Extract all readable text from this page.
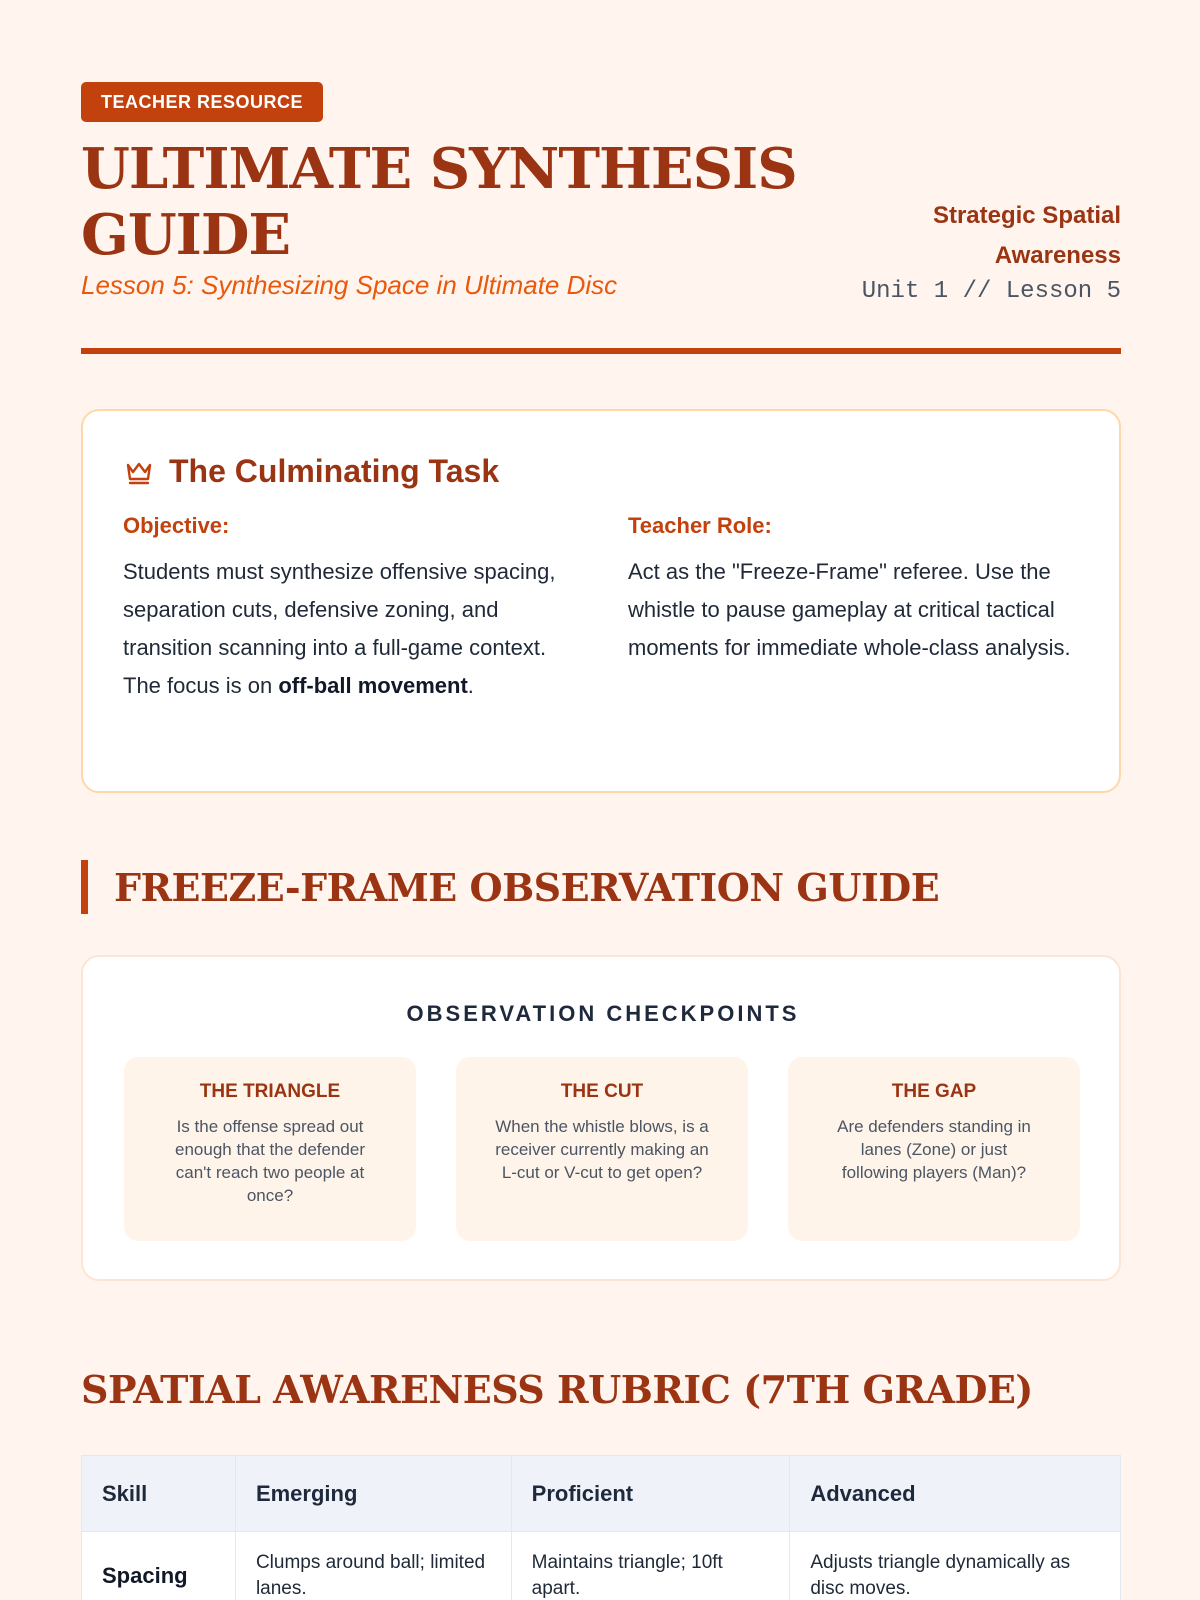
TEACHER RESOURCE
ULTIMATE SYNTHESIS GUIDE
Lesson 5: Synthesizing Space in Ultimate Disc
Strategic Spatial Awareness
Unit 1 // Lesson 5
The Culminating Task
Objective:

Students must synthesize offensive spacing, separation cuts, defensive zoning, and transition scanning into a full-game context. The focus is on off-ball movement.

Teacher Role:

Act as the "Freeze-Frame" referee. Use the whistle to pause gameplay at critical tactical moments for immediate whole-class analysis.

FREEZE-FRAME OBSERVATION GUIDE
OBSERVATION CHECKPOINTS
THE TRIANGLE

Is the offense spread out enough that the defender can't reach two people at once?

THE CUT

When the whistle blows, is a receiver currently making an L-cut or V-cut to get open?

THE GAP

Are defenders standing in lanes (Zone) or just following players (Man)?

SPATIAL AWARENESS RUBRIC (7TH GRADE)
Skill	Emerging	Proficient	Advanced
Spacing	Clumps around ball; limited lanes.	Maintains triangle; 10ft apart.	Adjusts triangle dynamically as disc moves.
